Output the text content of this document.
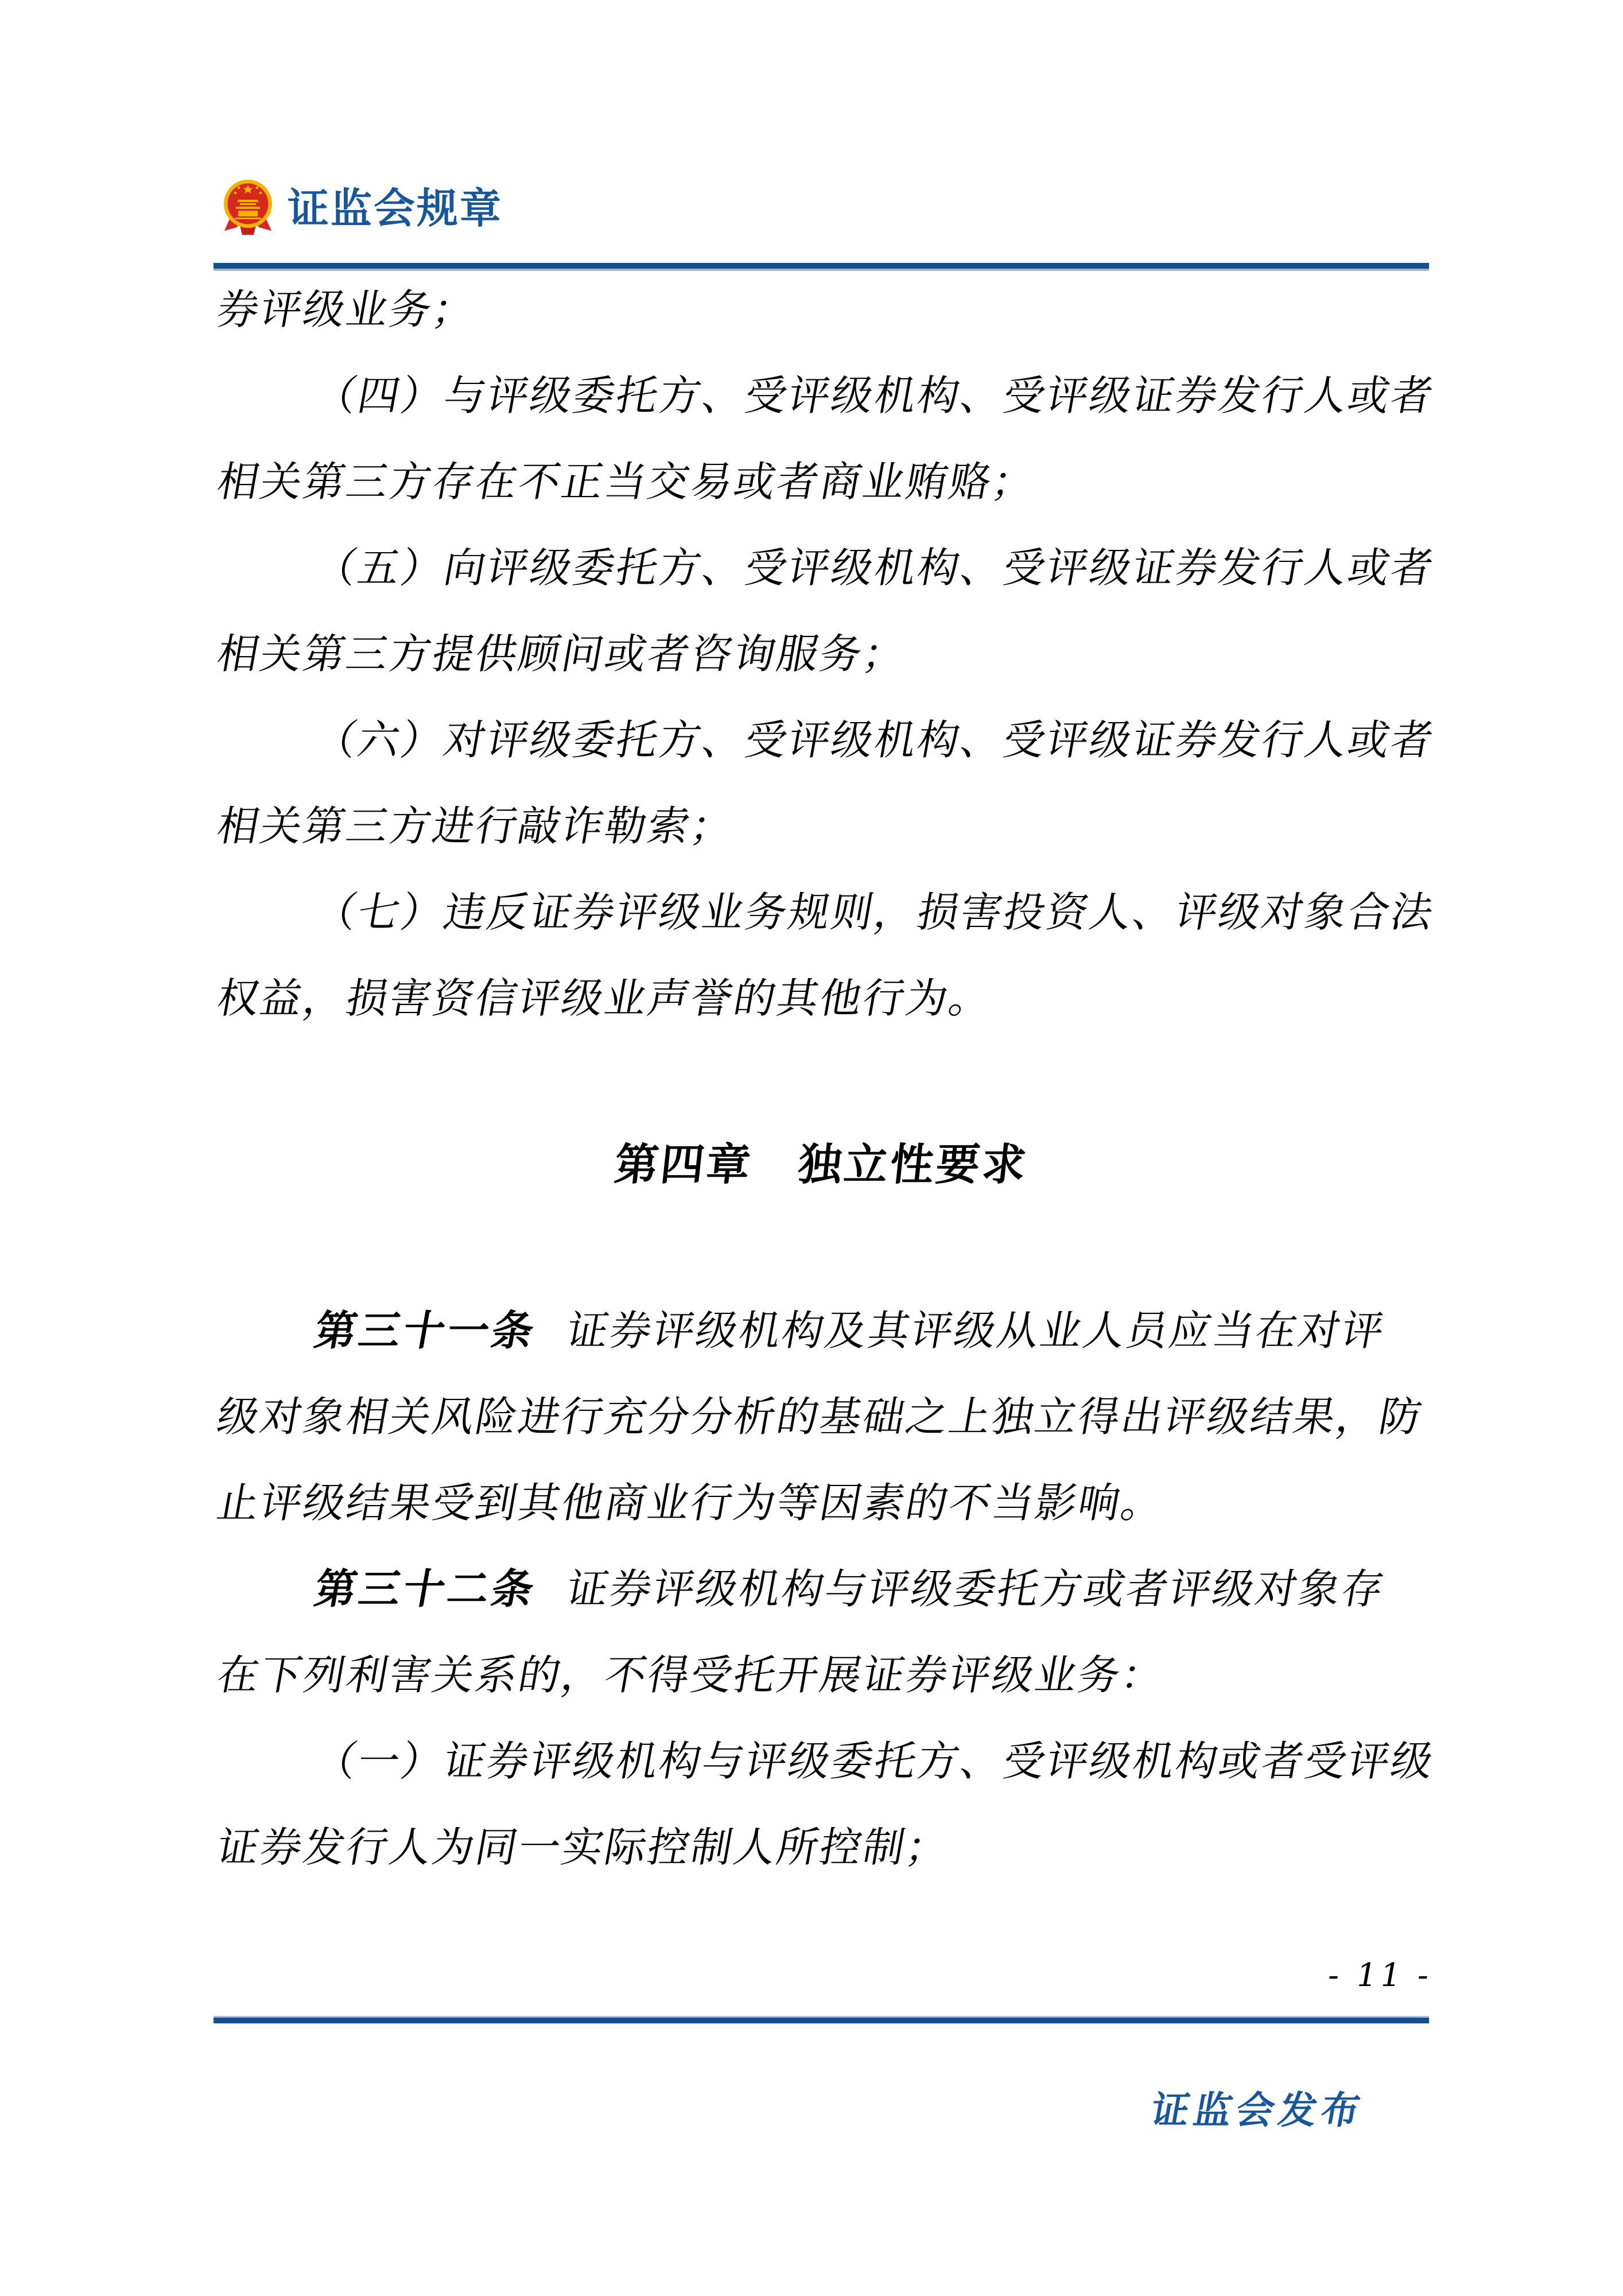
证监会规章
券评级业务；
（四）与评级委托方、受评级机构、受评级证券发行人或者
相关第三方存在不正当交易或者商业贿赂；
（五）向评级委托方、受评级机构、受评级证券发行人或者
相关第三方提供顾问或者咨询服务；
（六）对评级委托方、受评级机构、受评级证券发行人或者
相关第三方进行敲诈勒索；
（七）违反证券评级业务规则，损害投资人、评级对象合法
权益，损害资信评级业声誉的其他行为。
第四章　独立性要求
第三十一条 证券评级机构及其评级从业人员应当在对评
级对象相关风险进行充分分析的基础之上独立得出评级结果，防
止评级结果受到其他商业行为等因素的不当影响。
第三十二条 证券评级机构与评级委托方或者评级对象存
在下列利害关系的，不得受托开展证券评级业务：
（一）证券评级机构与评级委托方、受评级机构或者受评级
证券发行人为同一实际控制人所控制；
- 11 -
证监会发布
